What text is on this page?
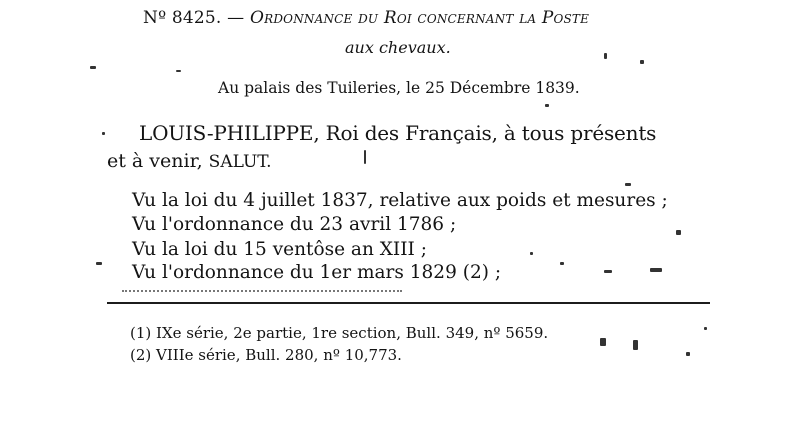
Nº 8425. — Ordonnance du Roi concernant la Poste
aux chevaux.
Au palais des Tuileries, le 25 Décembre 1839.
LOUIS-PHILIPPE, Roi des Français, à tous présents
et à venir, SALUT.
Vu la loi du 4 juillet 1837, relative aux poids et mesures ;
Vu l'ordonnance du 23 avril 1786 ;
Vu la loi du 15 ventôse an XIII ;
Vu l'ordonnance du 1er mars 1829 (2) ;
(1) IXe série, 2e partie, 1re section, Bull. 349, nº 5659.
(2) VIIIe série, Bull. 280, nº 10,773.
